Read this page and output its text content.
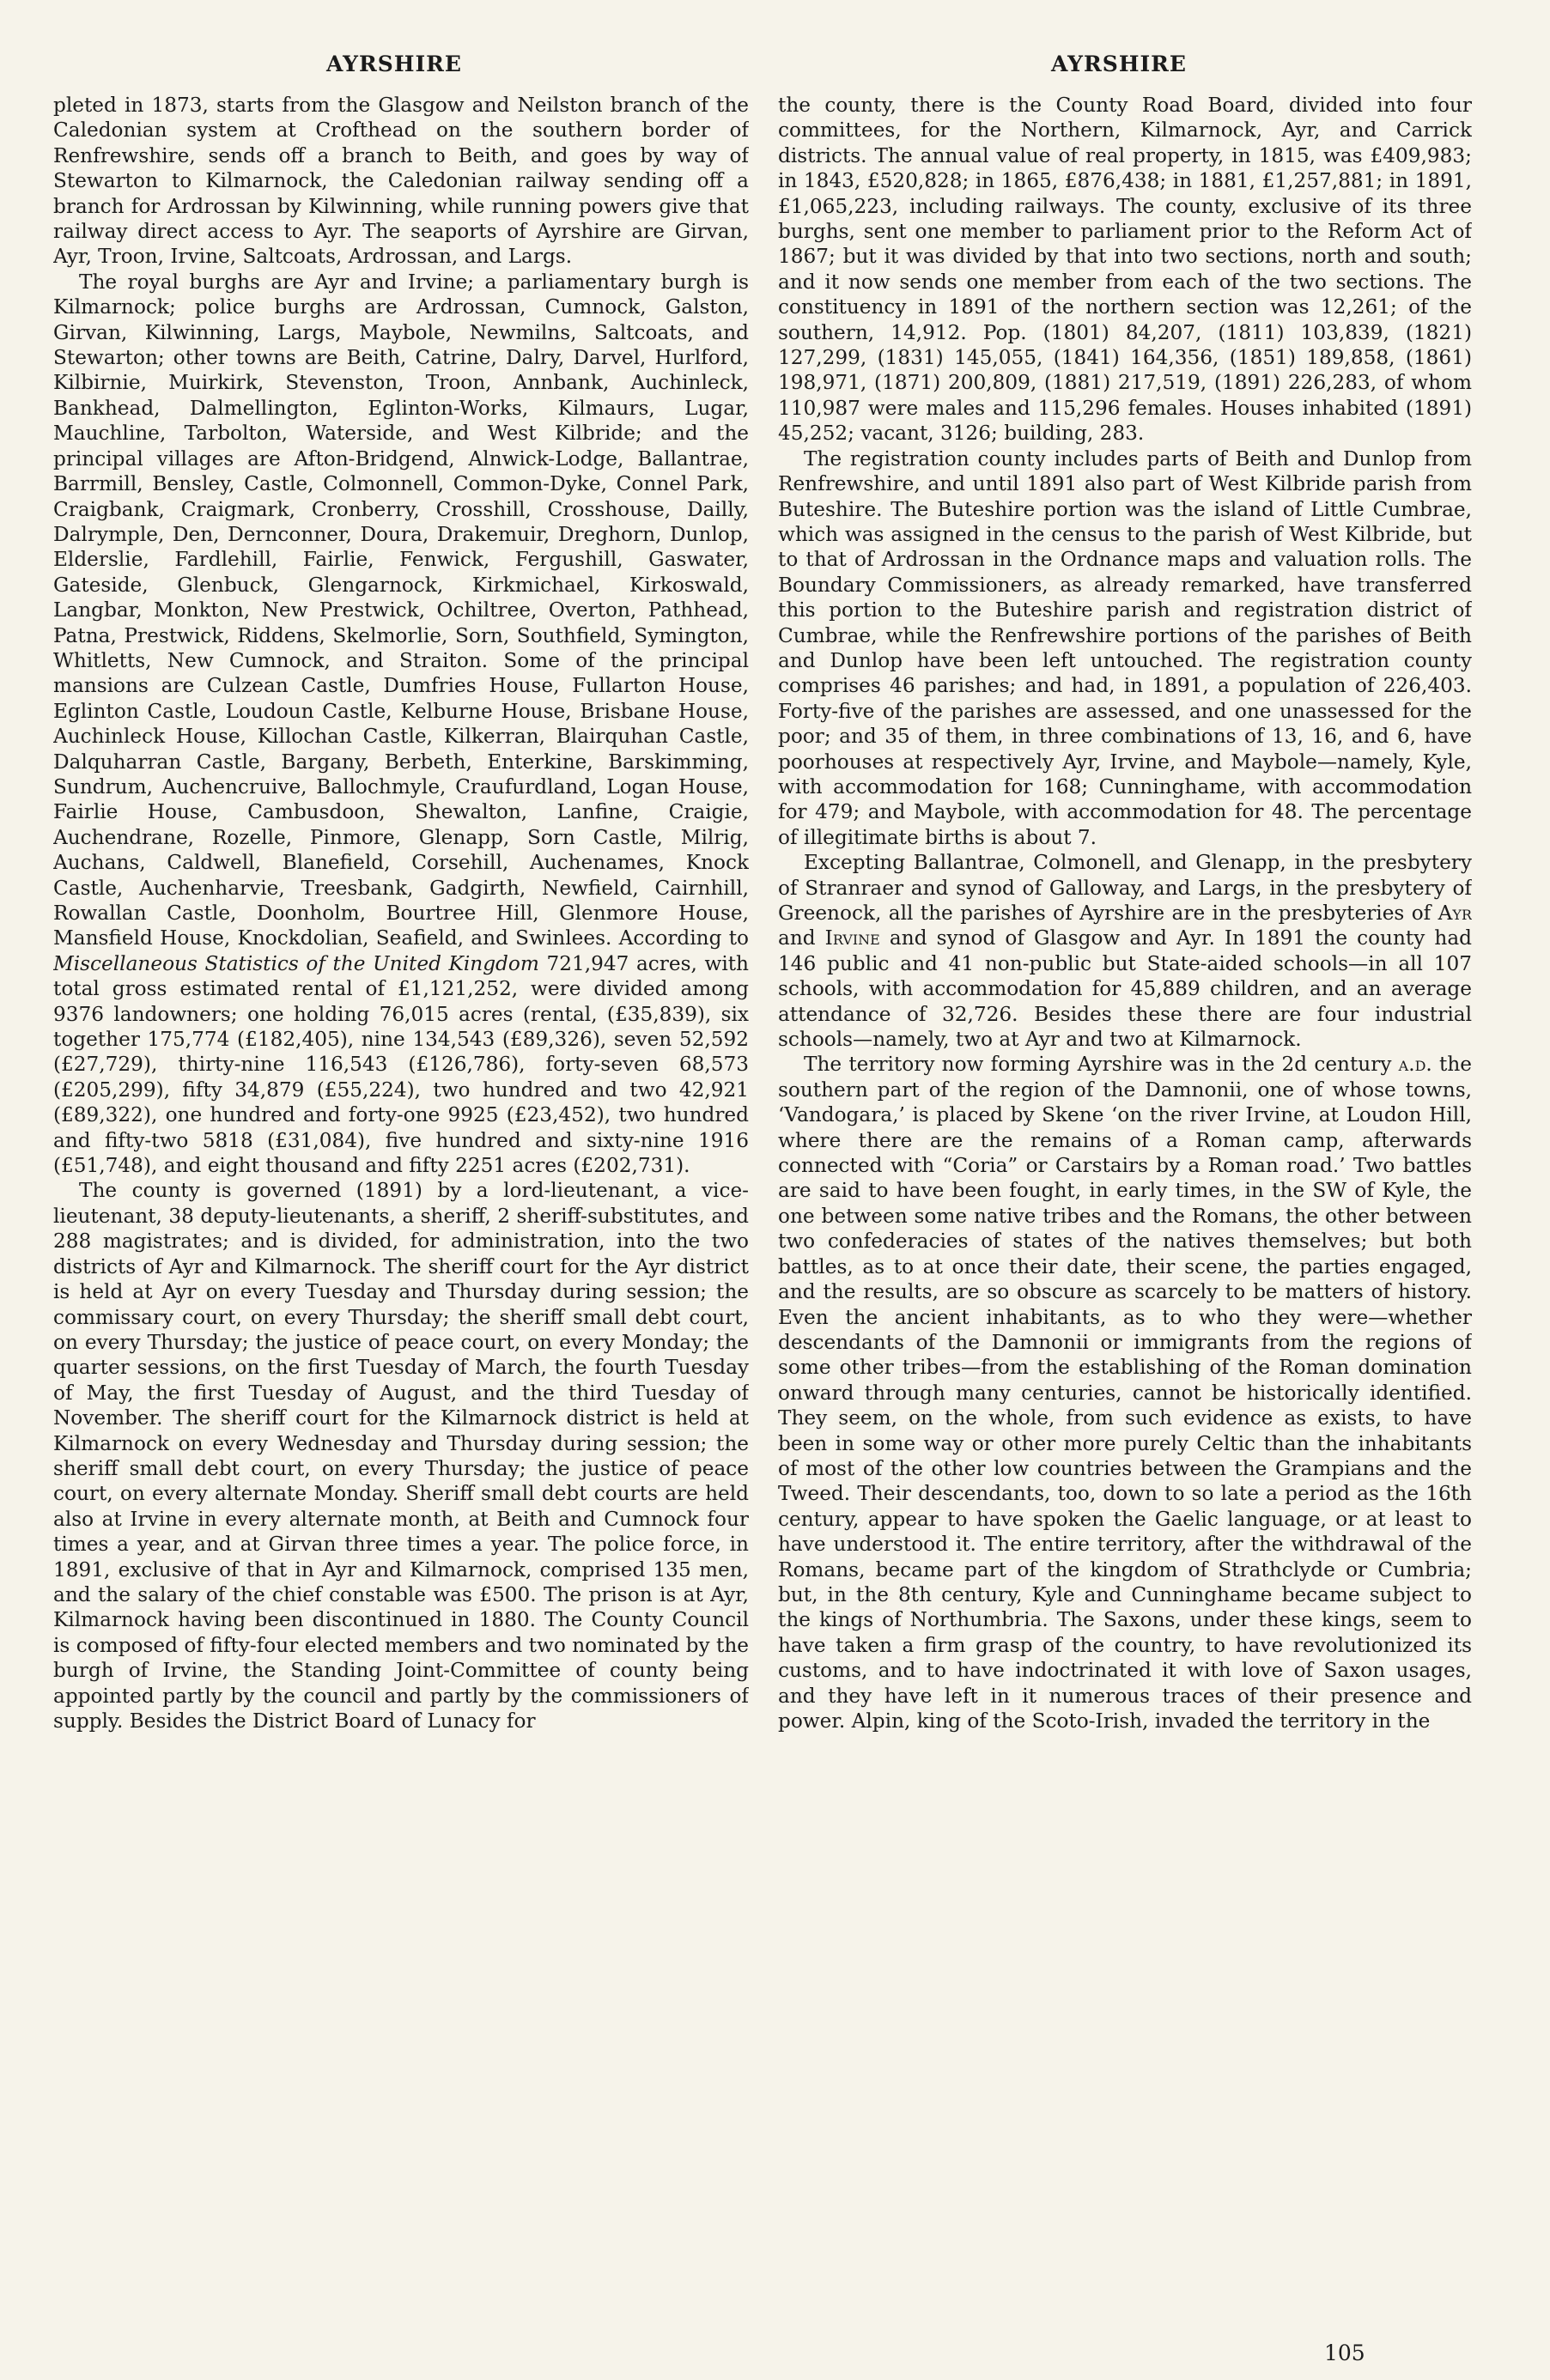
AYRSHIRE	AYRSHIRE

pleted in 1873, starts from the Glasgow and Neilston branch of the Caledonian system at Crofthead on the southern border of Renfrewshire, sends off a branch to Beith, and goes by way of Stewarton to Kilmarnock, the Caledonian railway sending off a branch for Ardrossan by Kilwinning, while running powers give that railway direct access to Ayr. The seaports of Ayrshire are Girvan, Ayr, Troon, Irvine, Saltcoats, Ardrossan, and Largs.

The royal burghs are Ayr and Irvine; a parliamentary burgh is Kilmarnock; police burghs are Ardrossan, Cumnock, Galston, Girvan, Kilwinning, Largs, Maybole, Newmilns, Saltcoats, and Stewarton; other towns are Beith, Catrine, Dalry, Darvel, Hurlford, Kilbirnie, Muirkirk, Stevenston, Troon, Annbank, Auchinleck, Bankhead, Dalmellington, Eglinton-Works, Kilmaurs, Lugar, Mauchline, Tarbolton, Waterside, and West Kilbride; and the principal villages are Afton-Bridgend, Alnwick-Lodge, Ballantrae, Barrmill, Bensley, Castle, Colmonnell, Common-Dyke, Connel Park, Craigbank, Craigmark, Cronberry, Crosshill, Crosshouse, Dailly, Dalrymple, Den, Dernconner, Doura, Drakemuir, Dreghorn, Dunlop, Elderslie, Fardlehill, Fairlie, Fenwick, Fergushill, Gaswater, Gateside, Glenbuck, Glengarnock, Kirkmichael, Kirkoswald, Langbar, Monkton, New Prestwick, Ochiltree, Overton, Pathhead, Patna, Prestwick, Riddens, Skelmorlie, Sorn, Southfield, Symington, Whitletts, New Cumnock, and Straiton. Some of the principal mansions are Culzean Castle, Dumfries House, Fullarton House, Eglinton Castle, Loudoun Castle, Kelburne House, Brisbane House, Auchinleck House, Killochan Castle, Kilkerran, Blairquhan Castle, Dalquharran Castle, Bargany, Berbeth, Enterkine, Barskimming, Sundrum, Auchencruive, Ballochmyle, Craufurdland, Logan House, Fairlie House, Cambusdoon, Shewalton, Lanfine, Craigie, Auchendrane, Rozelle, Pinmore, Glenapp, Sorn Castle, Milrig, Auchans, Caldwell, Blanefield, Corsehill, Auchenames, Knock Castle, Auchenharvie, Treesbank, Gadgirth, Newfield, Cairnhill, Rowallan Castle, Doonholm, Bourtree Hill, Glenmore House, Mansfield House, Knockdolian, Seafield, and Swinlees. According to Miscellaneous Statistics of the United Kingdom 721,947 acres, with total gross estimated rental of £1,121,252, were divided among 9376 landowners; one holding 76,015 acres (rental, (£35,839), six together 175,774 (£182,405), nine 134,543 (£89,326), seven 52,592 (£27,729), thirty-nine 116,543 (£126,786), forty-seven 68,573 (£205,299), fifty 34,879 (£55,224), two hundred and two 42,921 (£89,322), one hundred and forty-one 9925 (£23,452), two hundred and fifty-two 5818 (£31,084), five hundred and sixty-nine 1916 (£51,748), and eight thousand and fifty 2251 acres (£202,731).

The county is governed (1891) by a lord-lieutenant, a vice-lieutenant, 38 deputy-lieutenants, a sheriff, 2 sheriff-substitutes, and 288 magistrates; and is divided, for administration, into the two districts of Ayr and Kilmarnock. The sheriff court for the Ayr district is held at Ayr on every Tuesday and Thursday during session; the commissary court, on every Thursday; the sheriff small debt court, on every Thursday; the justice of peace court, on every Monday; the quarter sessions, on the first Tuesday of March, the fourth Tuesday of May, the first Tuesday of August, and the third Tuesday of November. The sheriff court for the Kilmarnock district is held at Kilmarnock on every Wednesday and Thursday during session; the sheriff small debt court, on every Thursday; the justice of peace court, on every alternate Monday. Sheriff small debt courts are held also at Irvine in every alternate month, at Beith and Cumnock four times a year, and at Girvan three times a year. The police force, in 1891, exclusive of that in Ayr and Kilmarnock, comprised 135 men, and the salary of the chief constable was £500. The prison is at Ayr, Kilmarnock having been discontinued in 1880. The County Council is composed of fifty-four elected members and two nominated by the burgh of Irvine, the Standing Joint-Committee of county being appointed partly by the council and partly by the commissioners of supply. Besides the District Board of Lunacy for

the county, there is the County Road Board, divided into four committees, for the Northern, Kilmarnock, Ayr, and Carrick districts. The annual value of real property, in 1815, was £409,983; in 1843, £520,828; in 1865, £876,438; in 1881, £1,257,881; in 1891, £1,065,223, including railways. The county, exclusive of its three burghs, sent one member to parliament prior to the Reform Act of 1867; but it was divided by that into two sections, north and south; and it now sends one member from each of the two sections. The constituency in 1891 of the northern section was 12,261; of the southern, 14,912. Pop. (1801) 84,207, (1811) 103,839, (1821) 127,299, (1831) 145,055, (1841) 164,356, (1851) 189,858, (1861) 198,971, (1871) 200,809, (1881) 217,519, (1891) 226,283, of whom 110,987 were males and 115,296 females. Houses inhabited (1891) 45,252; vacant, 3126; building, 283.

The registration county includes parts of Beith and Dunlop from Renfrewshire, and until 1891 also part of West Kilbride parish from Buteshire. The Buteshire portion was the island of Little Cumbrae, which was assigned in the census to the parish of West Kilbride, but to that of Ardrossan in the Ordnance maps and valuation rolls. The Boundary Commissioners, as already remarked, have transferred this portion to the Buteshire parish and registration district of Cumbrae, while the Renfrewshire portions of the parishes of Beith and Dunlop have been left untouched. The registration county comprises 46 parishes; and had, in 1891, a population of 226,403. Forty-five of the parishes are assessed, and one unassessed for the poor; and 35 of them, in three combinations of 13, 16, and 6, have poorhouses at respectively Ayr, Irvine, and Maybole—namely, Kyle, with accommodation for 168; Cunninghame, with accommodation for 479; and Maybole, with accommodation for 48. The percentage of illegitimate births is about 7.

Excepting Ballantrae, Colmonell, and Glenapp, in the presbytery of Stranraer and synod of Galloway, and Largs, in the presbytery of Greenock, all the parishes of Ayrshire are in the presbyteries of Ayr and Irvine and synod of Glasgow and Ayr. In 1891 the county had 146 public and 41 non-public but State-aided schools—in all 107 schools, with accommodation for 45,889 children, and an average attendance of 32,726. Besides these there are four industrial schools—namely, two at Ayr and two at Kilmarnock.

The territory now forming Ayrshire was in the 2d century a.d. the southern part of the region of the Damnonii, one of whose towns, ‘Vandogara,’ is placed by Skene ‘on the river Irvine, at Loudon Hill, where there are the remains of a Roman camp, afterwards connected with “Coria” or Carstairs by a Roman road.’ Two battles are said to have been fought, in early times, in the SW of Kyle, the one between some native tribes and the Romans, the other between two confederacies of states of the natives themselves; but both battles, as to at once their date, their scene, the parties engaged, and the results, are so obscure as scarcely to be matters of history. Even the ancient inhabitants, as to who they were—whether descendants of the Damnonii or immigrants from the regions of some other tribes—from the establishing of the Roman domination onward through many centuries, cannot be historically identified. They seem, on the whole, from such evidence as exists, to have been in some way or other more purely Celtic than the inhabitants of most of the other low countries between the Grampians and the Tweed. Their descendants, too, down to so late a period as the 16th century, appear to have spoken the Gaelic language, or at least to have understood it. The entire territory, after the withdrawal of the Romans, became part of the kingdom of Strathclyde or Cumbria; but, in the 8th century, Kyle and Cunninghame became subject to the kings of Northumbria. The Saxons, under these kings, seem to have taken a firm grasp of the country, to have revolutionized its customs, and to have indoctrinated it with love of Saxon usages, and they have left in it numerous traces of their presence and power. Alpin, king of the Scoto-Irish, invaded the territory in the

105
